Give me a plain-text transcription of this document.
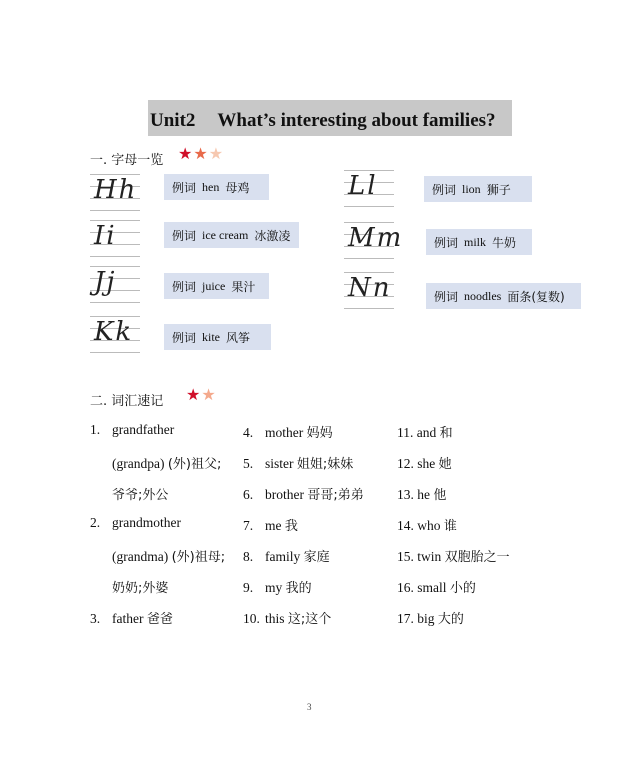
Unit2 What’s interesting about families?
一. 字母一览 ★ ★ ★
Hh	例词
hen
母鸡
Ii	例词
ice cream
冰激凌
Jj	例词
juice
果汁
Kk	例词
kite
风筝
Ll	例词
lion
狮子
Mm	例词
milk
牛奶
Nn	例词
noodles
面条(复数)
二. 词汇速记 ★ ★
1. grandfather
(grandpa) (外)祖父;
爷爷;外公
2. grandmother
(grandma) (外)祖母;
奶奶;外婆
3. father 爸爸
4. mother 妈妈
5. sister 姐姐;妹妹
6. brother 哥哥;弟弟
7. me 我
8. family 家庭
9. my 我的
10. this 这;这个
11. and 和
12. she 她
13. he 他
14. who 谁
15. twin 双胞胎之一
16. small 小的
17. big 大的
3
